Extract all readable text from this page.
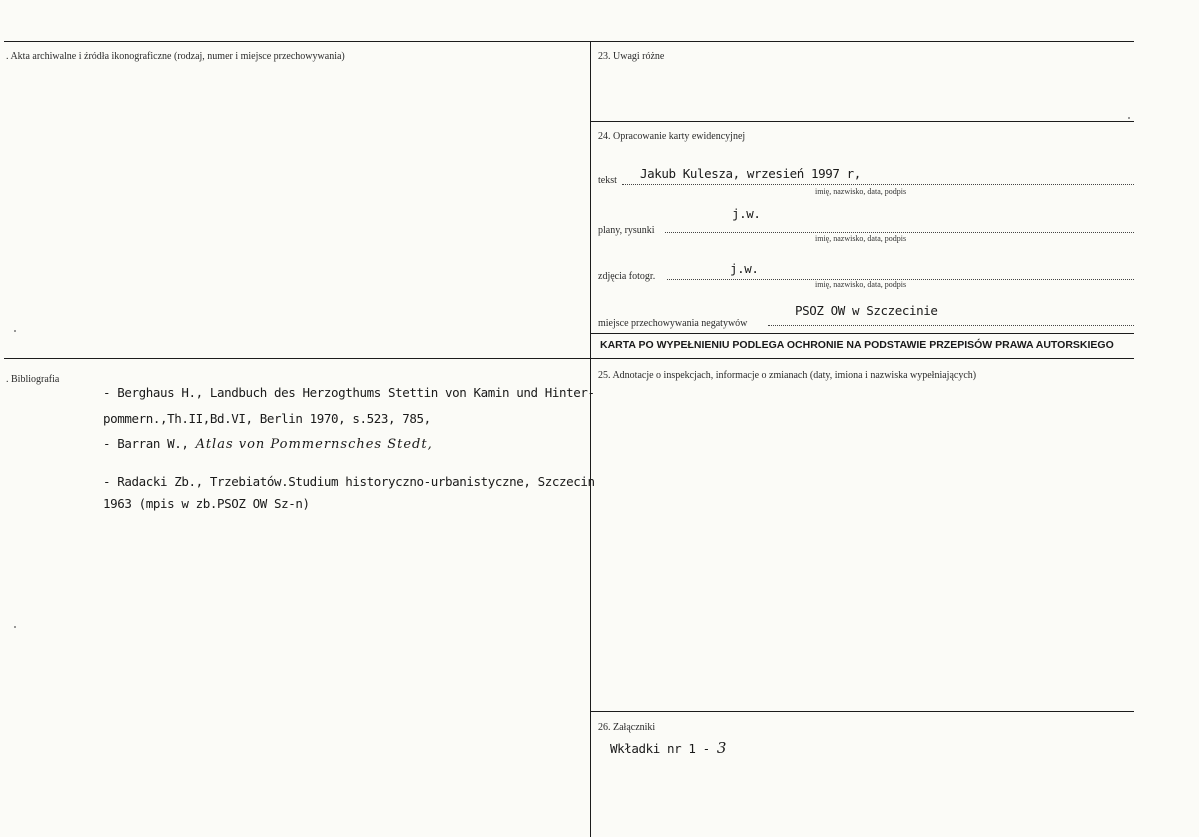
. Akta archiwalne i źródła ikonograficzne (rodzaj, numer i miejsce przechowywania)	23. Uwagi różne
24. Opracowanie karty ewidencyjnej
tekst Jakub Kulesza, wrzesień 1997 r,
imię, nazwisko, data, podpis
plany, rysunki
j.w.
imię, nazwisko, data, podpis
zdjęcia fotogr.
j.w.
imię, nazwisko, data, podpis
miejsce przechowywania negatywów
PSOZ OW w Szczecinie
KARTA PO WYPEŁNIENIU PODLEGA OCHRONIE NA PODSTAWIE PRZEPISÓW PRAWA AUTORSKIEGO
. Bibliografia
- Berghaus H., Landbuch des Herzogthums Stettin von Kamin und Hinter-
pommern.,Th.II,Bd.VI, Berlin 1970, s.523, 785,
- Barran W., Atlas von Pommernsches Stedt,
- Radacki Zb., Trzebiatów.Studium historyczno-urbanistyczne, Szczecin
1963 (mpis w zb.PSOZ OW Sz-n)
25. Adnotacje o inspekcjach, informacje o zmianach (daty, imiona i nazwiska wypełniających)
26. Załączniki
Wkładki nr 1 - 3
